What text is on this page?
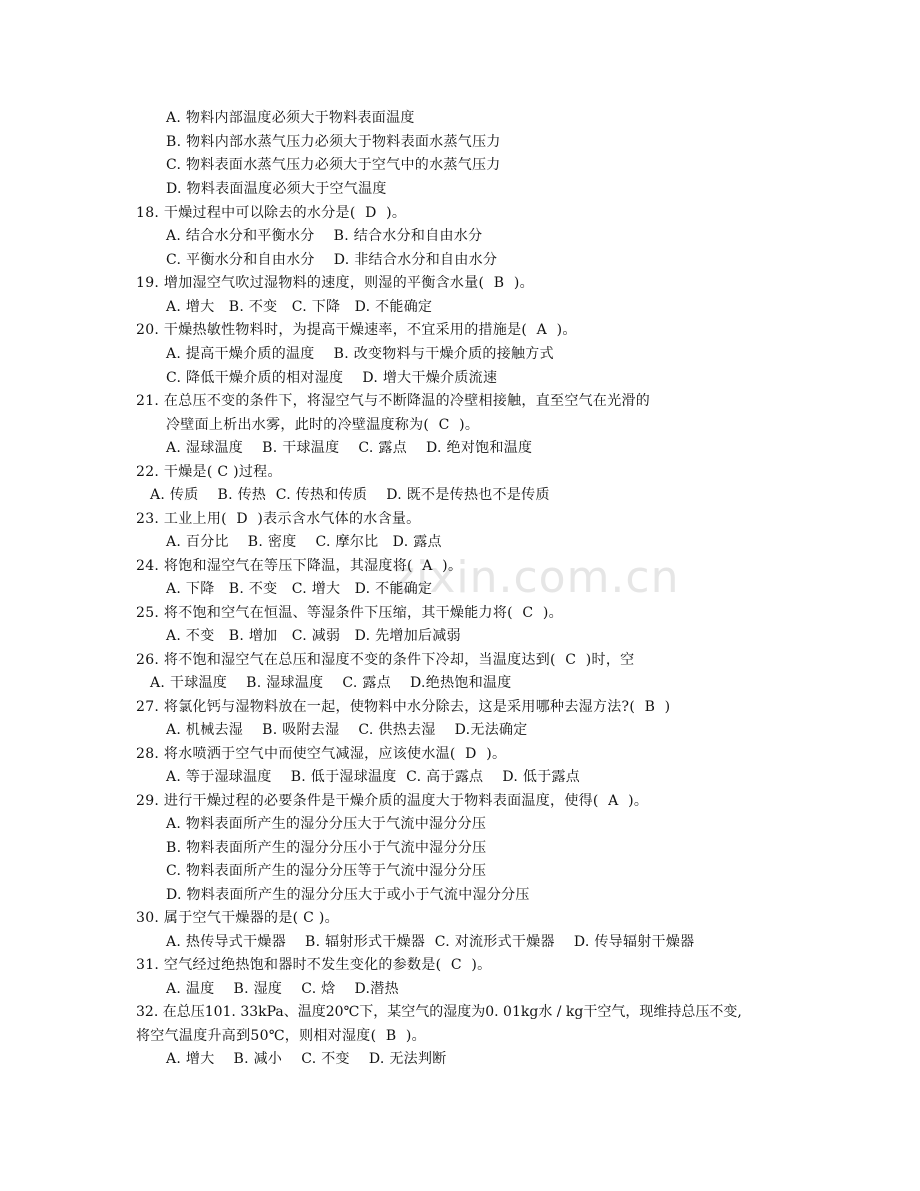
zixin.com.cn
A. 物料内部温度必须大于物料表面温度
B. 物料内部水蒸气压力必须大于物料表面水蒸气压力
C. 物料表面水蒸气压力必须大于空气中的水蒸气压力
D. 物料表面温度必须大于空气温度
18. 干燥过程中可以除去的水分是(  D  )。
A. 结合水分和平衡水分    B. 结合水分和自由水分
C. 平衡水分和自由水分    D. 非结合水分和自由水分
19. 增加湿空气吹过湿物料的速度，则湿的平衡含水量(  B  )。
A. 增大   B. 不变   C. 下降   D. 不能确定
20. 干燥热敏性物料时，为提高干燥速率，不宜采用的措施是(  A  )。
A. 提高干燥介质的温度    B. 改变物料与干燥介质的接触方式
C. 降低干燥介质的相对湿度    D. 增大干燥介质流速
21. 在总压不变的条件下，将湿空气与不断降温的冷壁相接触，直至空气在光滑的
冷壁面上析出水雾，此时的冷壁温度称为(  C  )。
A. 湿球温度    B. 干球温度    C. 露点    D. 绝对饱和温度
22. 干燥是( C )过程。
A. 传质    B. 传热  C. 传热和传质    D. 既不是传热也不是传质
23. 工业上用(  D  )表示含水气体的水含量。
A. 百分比    B. 密度    C. 摩尔比   D. 露点
24. 将饱和湿空气在等压下降温，其湿度将(  A  )。
A. 下降   B. 不变   C. 增大   D. 不能确定
25. 将不饱和空气在恒温、等湿条件下压缩，其干燥能力将(  C  )。
A. 不变   B. 增加   C. 减弱   D. 先增加后减弱
26. 将不饱和湿空气在总压和湿度不变的条件下冷却，当温度达到(  C  )时，空
A. 干球温度    B. 湿球温度    C. 露点    D.绝热饱和温度
27. 将氯化钙与湿物料放在一起，使物料中水分除去，这是采用哪种去湿方法?(  B  )
A. 机械去湿    B. 吸附去湿    C. 供热去湿    D.无法确定
28. 将水喷洒于空气中而使空气减湿，应该使水温(  D  )。
A. 等于湿球温度    B. 低于湿球温度  C. 高于露点    D. 低于露点
29. 进行干燥过程的必要条件是干燥介质的温度大于物料表面温度，使得(  A  )。
A. 物料表面所产生的湿分分压大于气流中湿分分压
B. 物料表面所产生的湿分分压小于气流中湿分分压
C. 物料表面所产生的湿分分压等于气流中湿分分压
D. 物料表面所产生的湿分分压大于或小于气流中湿分分压
30. 属于空气干燥器的是( C )。
A. 热传导式干燥器    B. 辐射形式干燥器  C. 对流形式干燥器    D. 传导辐射干燥器
31. 空气经过绝热饱和器时不发生变化的参数是(  C  )。
A. 温度    B. 湿度    C. 焓    D.潜热
32. 在总压101. 33kPa、温度20℃下，某空气的湿度为0. 01kg水 / kg干空气，现维持总压不变,
将空气温度升高到50℃，则相对湿度(  B  )。
A. 增大    B. 减小    C. 不变    D. 无法判断
